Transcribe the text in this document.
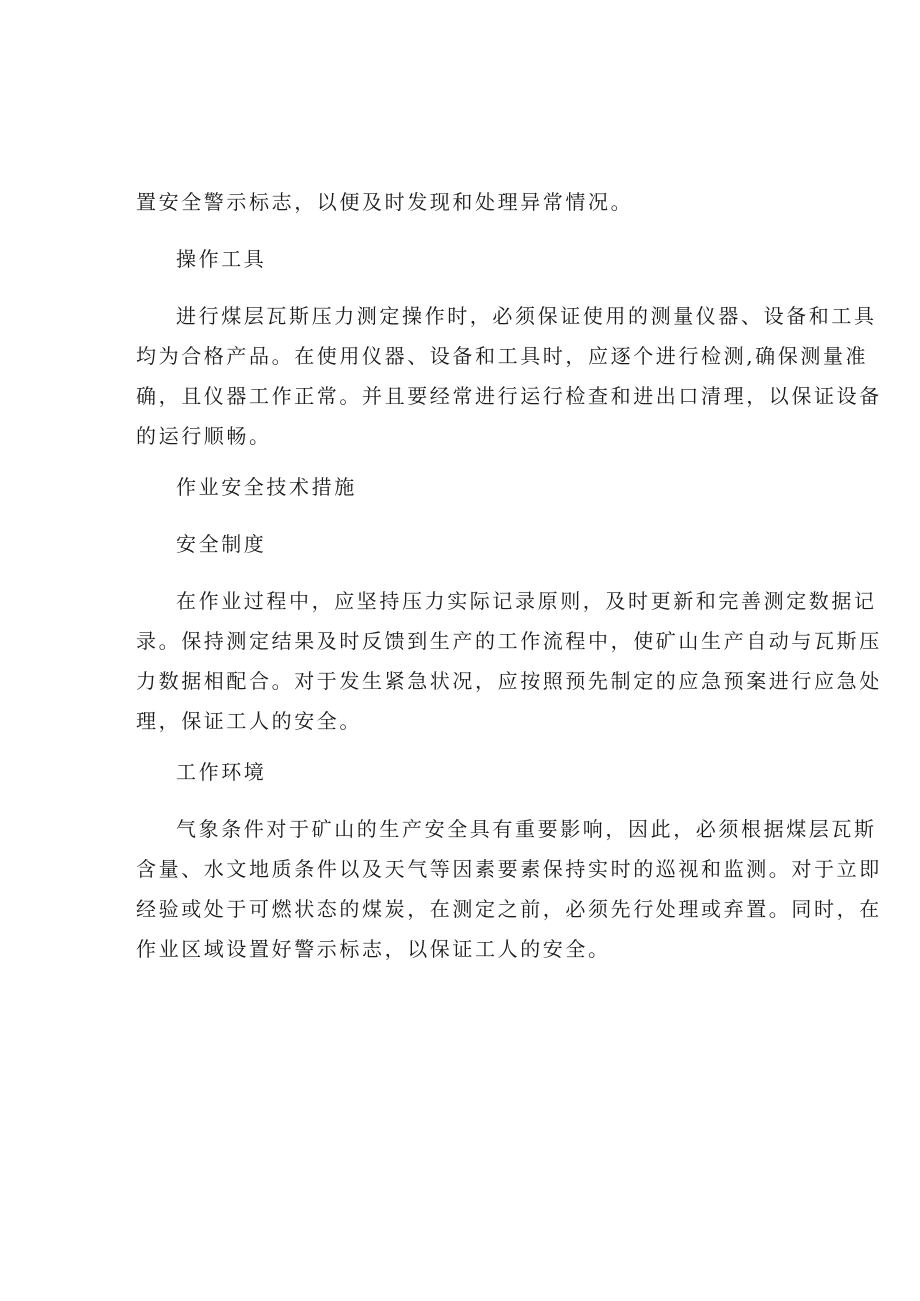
置安全警示标志，以便及时发现和处理异常情况。

操作工具

进行煤层瓦斯压力测定操作时，必须保证使用的测量仪器、设备和工具

均为合格产品。在使用仪器、设备和工具时，应逐个进行检测,确保测量准

确，且仪器工作正常。并且要经常进行运行检查和进出口清理，以保证设备

的运行顺畅。

作业安全技术措施

安全制度

在作业过程中，应坚持压力实际记录原则，及时更新和完善测定数据记

录。保持测定结果及时反馈到生产的工作流程中，使矿山生产自动与瓦斯压

力数据相配合。对于发生紧急状况，应按照预先制定的应急预案进行应急处

理，保证工人的安全。

工作环境

气象条件对于矿山的生产安全具有重要影响，因此，必须根据煤层瓦斯

含量、水文地质条件以及天气等因素要素保持实时的巡视和监测。对于立即

经验或处于可燃状态的煤炭，在测定之前，必须先行处理或弃置。同时，在

作业区域设置好警示标志，以保证工人的安全。
